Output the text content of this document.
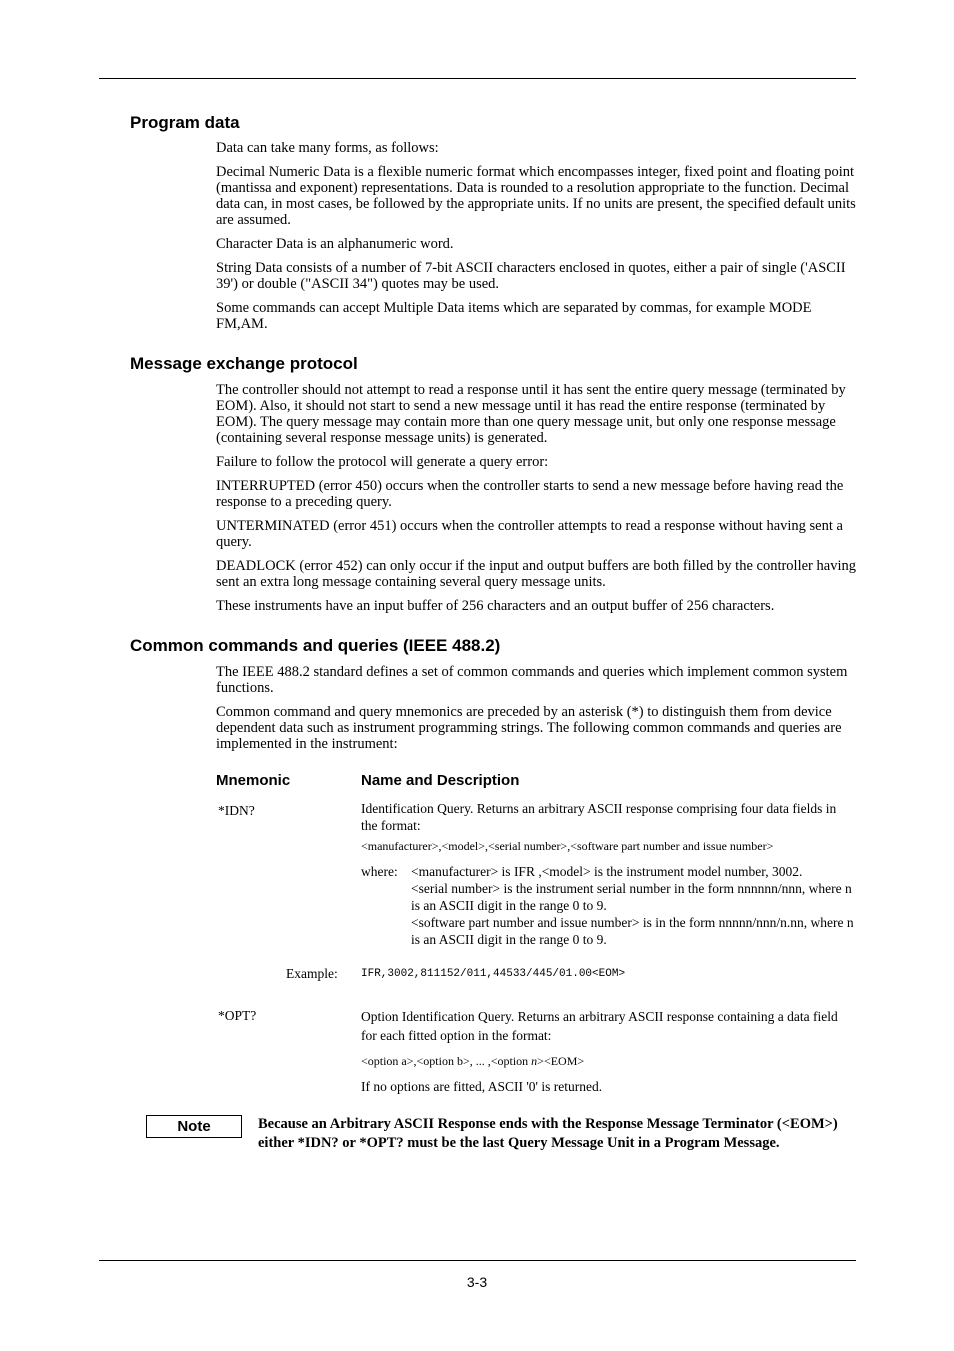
Program data
Data can take many forms, as follows:
Decimal Numeric Data is a flexible numeric format which encompasses integer, fixed point and floating point (mantissa and exponent) representations. Data is rounded to a resolution appropriate to the function. Decimal data can, in most cases, be followed by the appropriate units. If no units are present, the specified default units are assumed.
Character Data is an alphanumeric word.
String Data consists of a number of 7-bit ASCII characters enclosed in quotes, either a pair of single ('ASCII 39') or double ("ASCII 34") quotes may be used.
Some commands can accept Multiple Data items which are separated by commas, for example MODE FM,AM.
Message exchange protocol
The controller should not attempt to read a response until it has sent the entire query message (terminated by EOM). Also, it should not start to send a new message until it has read the entire response (terminated by EOM). The query message may contain more than one query message unit, but only one response message (containing several response message units) is generated.
Failure to follow the protocol will generate a query error:
INTERRUPTED (error 450) occurs when the controller starts to send a new message before having read the response to a preceding query.
UNTERMINATED (error 451) occurs when the controller attempts to read a response without having sent a query.
DEADLOCK (error 452) can only occur if the input and output buffers are both filled by the controller having sent an extra long message containing several query message units.
These instruments have an input buffer of 256 characters and an output buffer of 256 characters.
Common commands and queries (IEEE 488.2)
The IEEE 488.2 standard defines a set of common commands and queries which implement common system functions.
Common command and query mnemonics are preceded by an asterisk (*) to distinguish them from device dependent data such as instrument programming strings. The following common commands and queries are implemented in the instrument:
Mnemonic	Name and Description
*IDN?	Identification Query. Returns an arbitrary ASCII response comprising four data fields in the format:
<manufacturer>,<model>,<serial number>,<software part number and issue number>
where: <manufacturer> is IFR ,<model> is the instrument model number, 3002.
<serial number> is the instrument serial number in the form nnnnnn/nnn, where n is an ASCII digit in the range 0 to 9.
<software part number and issue number> is in the form nnnnn/nnn/n.nn, where n is an ASCII digit in the range 0 to 9.
Example: IFR,3002,811152/011,44533/445/01.00<EOM>
*OPT?	Option Identification Query. Returns an arbitrary ASCII response containing a data field for each fitted option in the format:
<option a>,<option b>, ... ,<option n><EOM>
If no options are fitted, ASCII '0' is returned.
Note	Because an Arbitrary ASCII Response ends with the Response Message Terminator (<EOM>) either *IDN? or *OPT? must be the last Query Message Unit in a Program Message.
3-3
